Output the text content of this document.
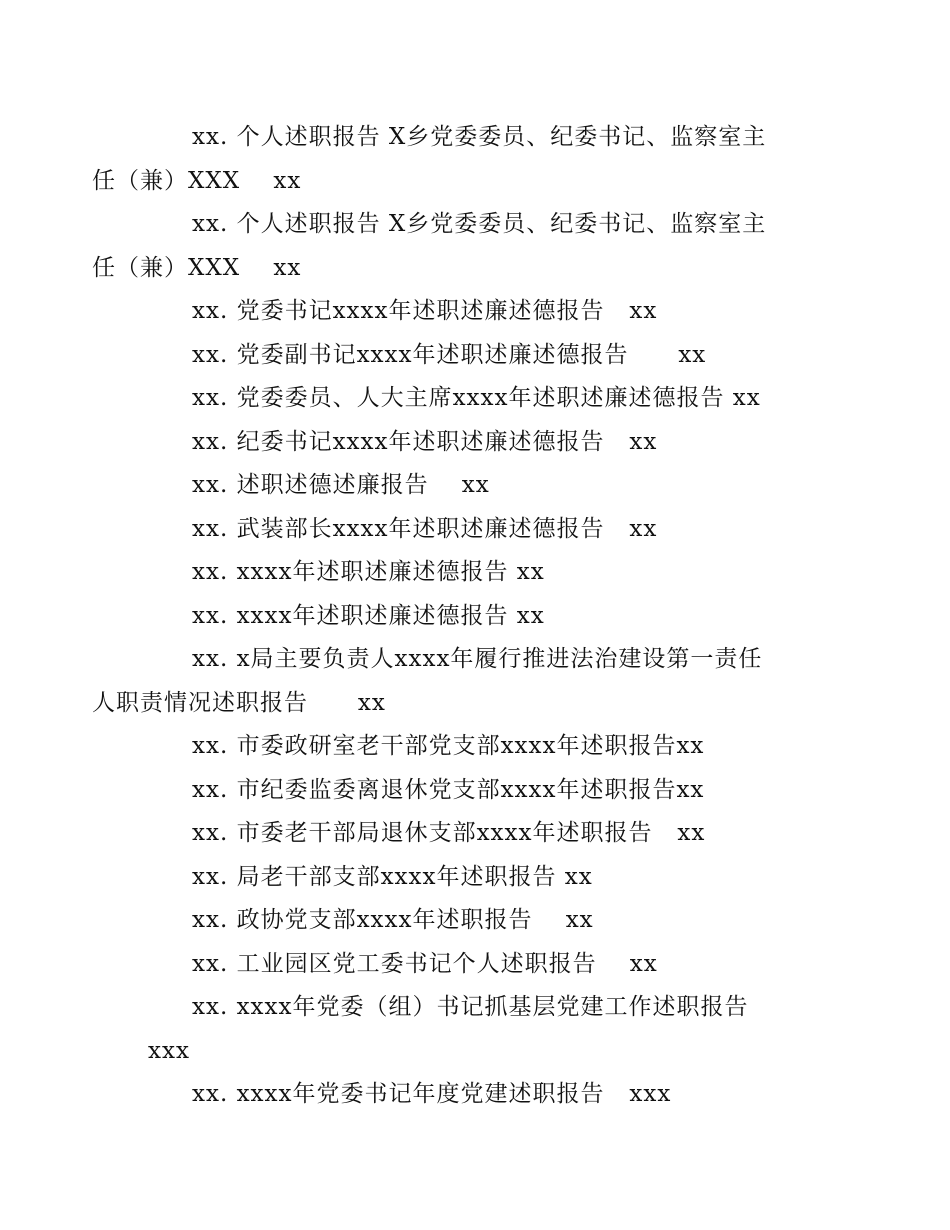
xx. 个人述职报告 X乡党委委员、纪委书记、监察室主
任（兼）XXX    xx

xx. 个人述职报告 X乡党委委员、纪委书记、监察室主
任（兼）XXX    xx

xx. 党委书记xxxx年述职述廉述德报告   xx

xx. 党委副书记xxxx年述职述廉述德报告      xx

xx. 党委委员、人大主席xxxx年述职述廉述德报告 xx

xx. 纪委书记xxxx年述职述廉述德报告   xx

xx. 述职述德述廉报告    xx

xx. 武装部长xxxx年述职述廉述德报告   xx

xx. xxxx年述职述廉述德报告 xx

xx. xxxx年述职述廉述德报告 xx

xx. x局主要负责人xxxx年履行推进法治建设第一责任
人职责情况述职报告      xx

xx. 市委政研室老干部党支部xxxx年述职报告xx

xx. 市纪委监委离退休党支部xxxx年述职报告xx

xx. 市委老干部局退休支部xxxx年述职报告   xx

xx. 局老干部支部xxxx年述职报告 xx

xx. 政协党支部xxxx年述职报告    xx

xx. 工业园区党工委书记个人述职报告    xx

xx. xxxx年党委（组）书记抓基层党建工作述职报告
xxx

xx. xxxx年党委书记年度党建述职报告   xxx
